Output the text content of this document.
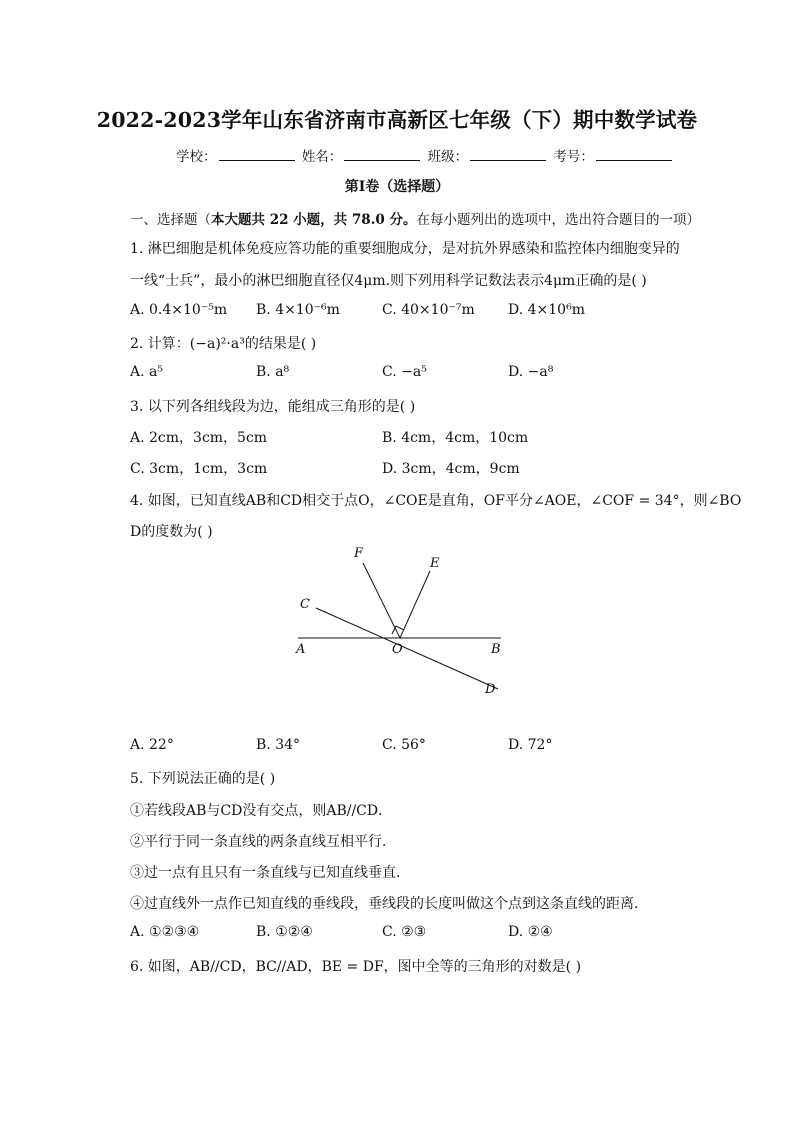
2022-2023学年山东省济南市高新区七年级（下）期中数学试卷
学校：	姓名：	班级：	考号：
第I卷（选择题）
一、选择题（本大题共 22 小题，共 78.0 分。在每小题列出的选项中，选出符合题目的一项）
1. 淋巴细胞是机体免疫应答功能的重要细胞成分，是对抗外界感染和监控体内细胞变异的
一线“士兵”，最小的淋巴细胞直径仅4μm.则下列用科学记数法表示4μm正确的是( )
A. 0.4×10⁻⁵m B. 4×10⁻⁶m	C. 40×10⁻⁷m D. 4×10⁶m
2. 计算：(−a)²·a³的结果是( )
A. a⁵	B. a⁸	C. −a⁵	D. −a⁸
3. 以下列各组线段为边，能组成三角形的是( )
A. 2cm，3cm，5cm	B. 4cm，4cm，10cm
C. 3cm，1cm，3cm	D. 3cm，4cm，9cm
4. 如图，已知直线AB和CD相交于点O，∠COE是直角，OF平分∠AOE，∠COF = 34°，则∠BO
D的度数为( )
F
E
C
A	O	B
D
A. 22°	B. 34°	C. 56°	D. 72°
5. 下列说法正确的是( )
①若线段AB与CD没有交点，则AB//CD．
②平行于同一条直线的两条直线互相平行．
③过一点有且只有一条直线与已知直线垂直．
④过直线外一点作已知直线的垂线段，垂线段的长度叫做这个点到这条直线的距离．
A. ①②③④	B. ①②④	C. ②③	D. ②④
6. 如图，AB//CD，BC//AD，BE = DF，图中全等的三角形的对数是( )
